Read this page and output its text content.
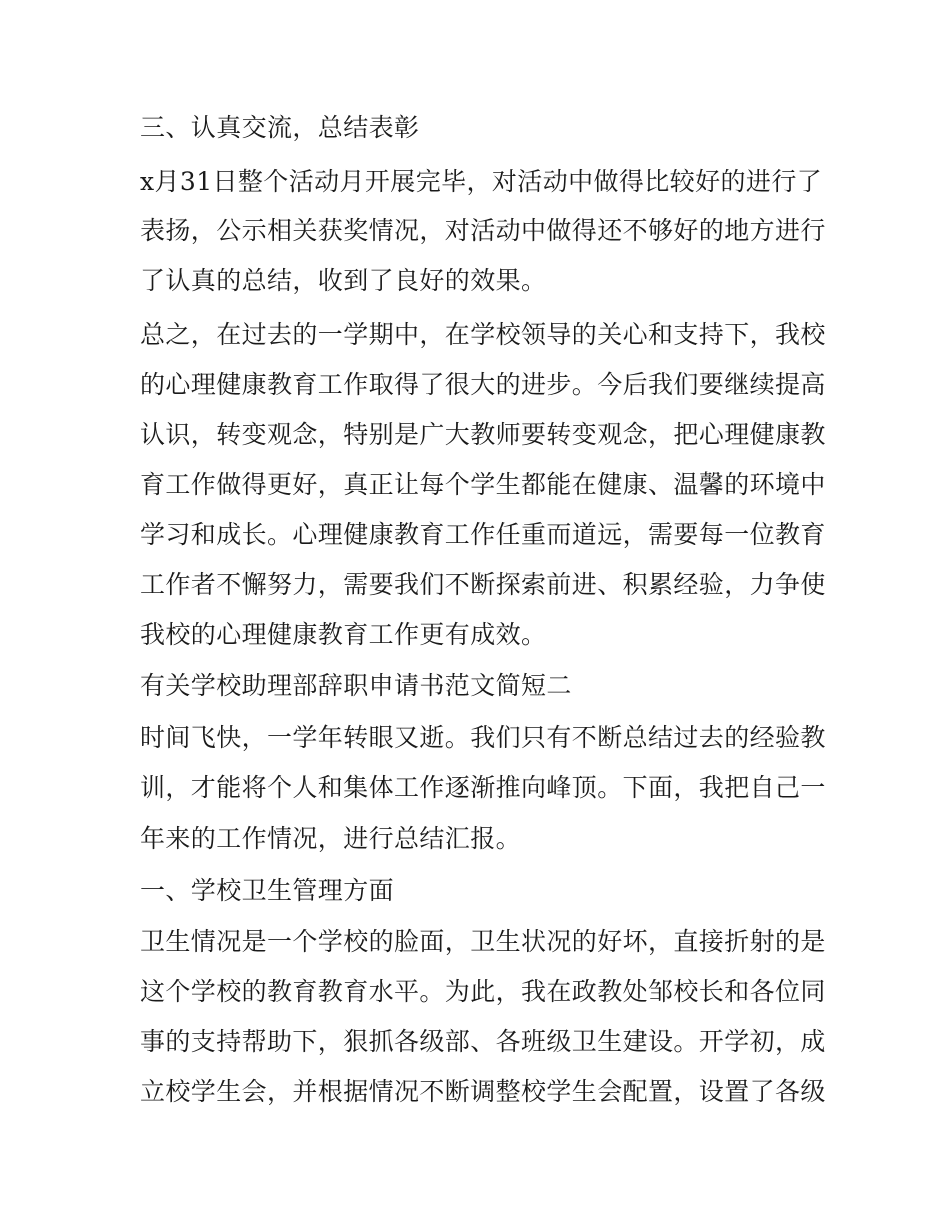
三、认真交流，总结表彰
x月31日整个活动月开展完毕，对活动中做得比较好的进行了
表扬，公示相关获奖情况，对活动中做得还不够好的地方进行
了认真的总结，收到了良好的效果。
总之，在过去的一学期中，在学校领导的关心和支持下，我校
的心理健康教育工作取得了很大的进步。今后我们要继续提高
认识，转变观念，特别是广大教师要转变观念，把心理健康教
育工作做得更好，真正让每个学生都能在健康、温馨的环境中
学习和成长。心理健康教育工作任重而道远，需要每一位教育
工作者不懈努力，需要我们不断探索前进、积累经验，力争使
我校的心理健康教育工作更有成效。
有关学校助理部辞职申请书范文简短二
时间飞快，一学年转眼又逝。我们只有不断总结过去的经验教
训，才能将个人和集体工作逐渐推向峰顶。下面，我把自己一
年来的工作情况，进行总结汇报。
一、学校卫生管理方面
卫生情况是一个学校的脸面，卫生状况的好坏，直接折射的是
这个学校的教育教育水平。为此，我在政教处邹校长和各位同
事的支持帮助下，狠抓各级部、各班级卫生建设。开学初，成
立校学生会，并根据情况不断调整校学生会配置，设置了各级
